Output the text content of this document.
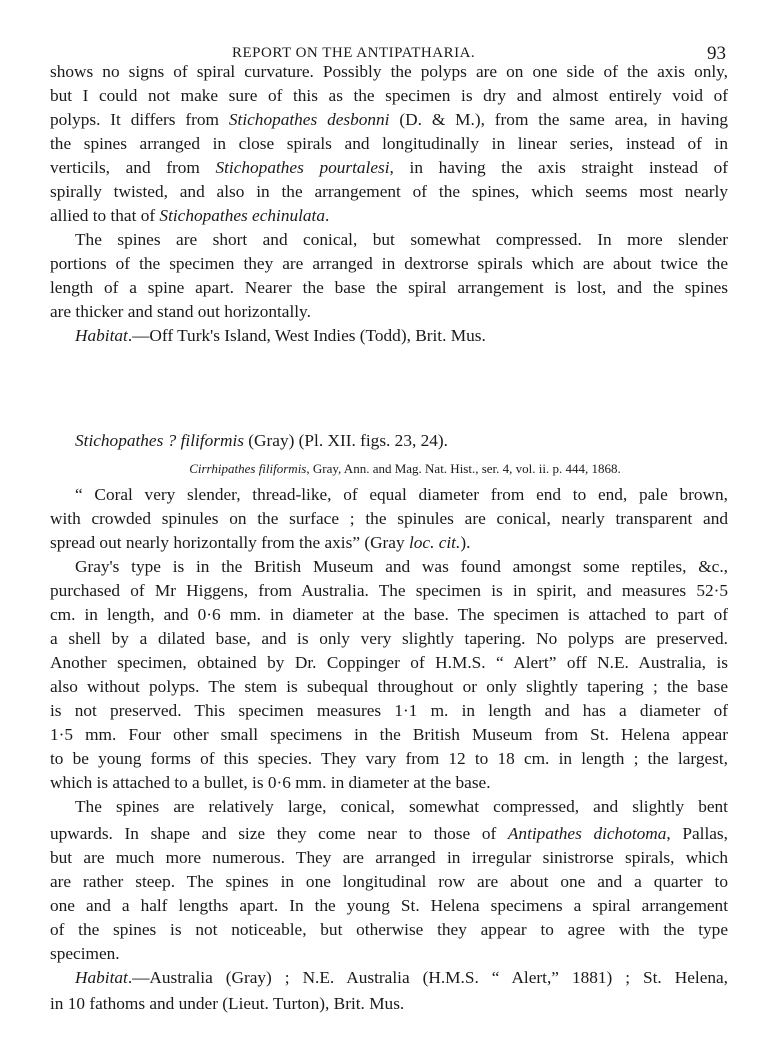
REPORT ON THE ANTIPATHARIA.	93
shows no signs of spiral curvature. Possibly the polyps are on one side of the axis only,
but I could not make sure of this as the specimen is dry and almost entirely void of
polyps. It differs from Stichopathes desbonni (D. & M.), from the same area, in having
the spines arranged in close spirals and longitudinally in linear series, instead of in
verticils, and from Stichopathes pourtalesi, in having the axis straight instead of
spirally twisted, and also in the arrangement of the spines, which seems most nearly
allied to that of Stichopathes echinulata.
The spines are short and conical, but somewhat compressed. In more slender
portions of the specimen they are arranged in dextrorse spirals which are about twice the
length of a spine apart. Nearer the base the spiral arrangement is lost, and the spines
are thicker and stand out horizontally.
Habitat.—Off Turk's Island, West Indies (Todd), Brit. Mus.
Stichopathes ? filiformis (Gray) (Pl. XII. figs. 23, 24).
Cirrhipathes filiformis, Gray, Ann. and Mag. Nat. Hist., ser. 4, vol. ii. p. 444, 1868.
“ Coral very slender, thread-like, of equal diameter from end to end, pale brown,
with crowded spinules on the surface ; the spinules are conical, nearly transparent and
spread out nearly horizontally from the axis” (Gray loc. cit.).
Gray's type is in the British Museum and was found amongst some reptiles, &c.,
purchased of Mr Higgens, from Australia. The specimen is in spirit, and measures 52·5
cm. in length, and 0·6 mm. in diameter at the base. The specimen is attached to part of
a shell by a dilated base, and is only very slightly tapering. No polyps are preserved.
Another specimen, obtained by Dr. Coppinger of H.M.S. “ Alert” off N.E. Australia, is
also without polyps. The stem is subequal throughout or only slightly tapering ; the base
is not preserved. This specimen measures 1·1 m. in length and has a diameter of
1·5 mm. Four other small specimens in the British Museum from St. Helena appear
to be young forms of this species. They vary from 12 to 18 cm. in length ; the largest,
which is attached to a bullet, is 0·6 mm. in diameter at the base.
The spines are relatively large, conical, somewhat compressed, and slightly bent
upwards. In shape and size they come near to those of Antipathes dichotoma, Pallas,
but are much more numerous. They are arranged in irregular sinistrorse spirals, which
are rather steep. The spines in one longitudinal row are about one and a quarter to
one and a half lengths apart. In the young St. Helena specimens a spiral arrangement
of the spines is not noticeable, but otherwise they appear to agree with the type
specimen.
Habitat.—Australia (Gray) ; N.E. Australia (H.M.S. “ Alert,” 1881) ; St. Helena,
in 10 fathoms and under (Lieut. Turton), Brit. Mus.
